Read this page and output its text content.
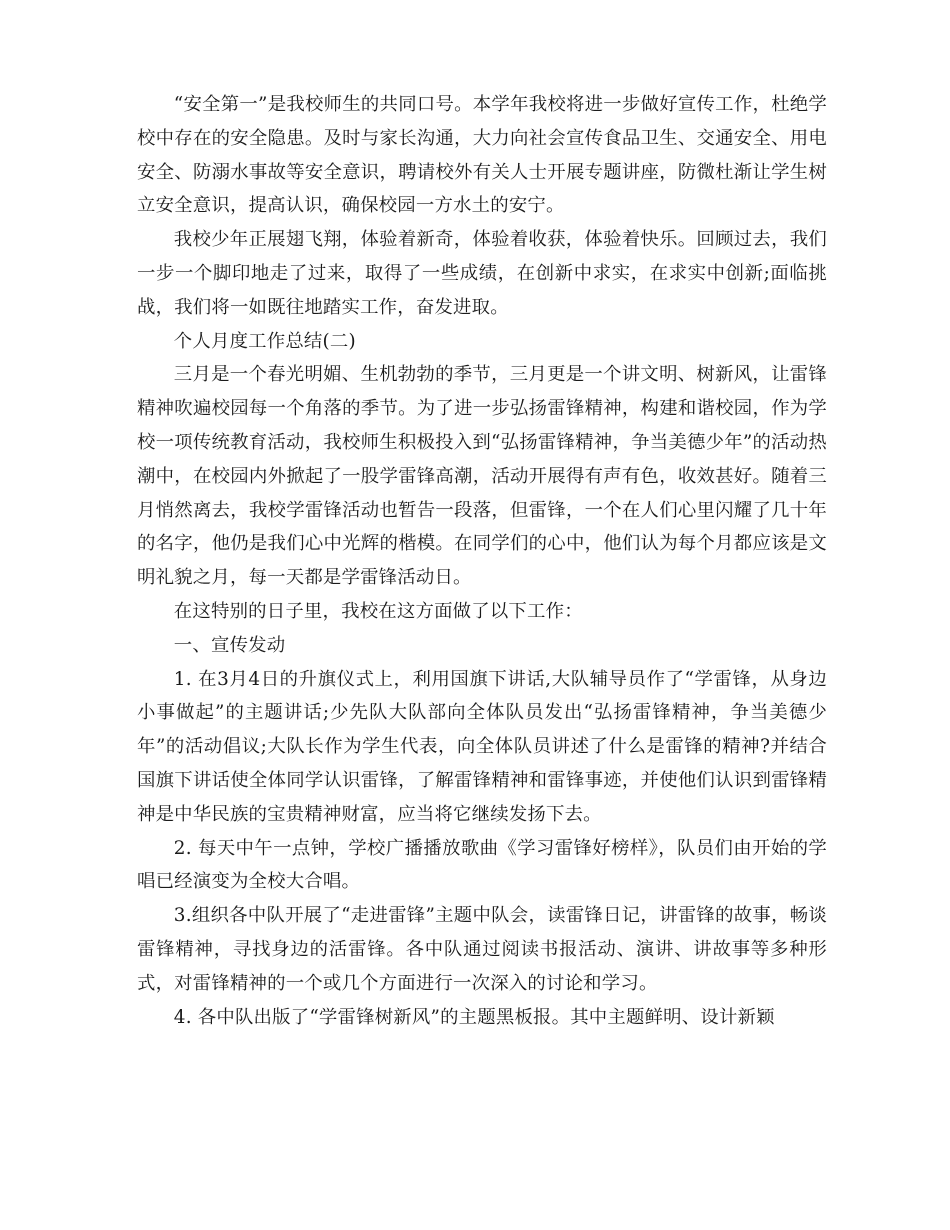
“安全第一”是我校师生的共同口号。本学年我校将进一步做好宣传工作，杜绝学校中存在的安全隐患。及时与家长沟通，大力向社会宣传食品卫生、交通安全、用电安全、防溺水事故等安全意识，聘请校外有关人士开展专题讲座，防微杜渐让学生树立安全意识，提高认识，确保校园一方水土的安宁。

我校少年正展翅飞翔，体验着新奇，体验着收获，体验着快乐。回顾过去，我们一步一个脚印地走了过来，取得了一些成绩，在创新中求实，在求实中创新;面临挑战，我们将一如既往地踏实工作，奋发进取。

个人月度工作总结(二)

三月是一个春光明媚、生机勃勃的季节，三月更是一个讲文明、树新风，让雷锋精神吹遍校园每一个角落的季节。为了进一步弘扬雷锋精神，构建和谐校园，作为学校一项传统教育活动，我校师生积极投入到“弘扬雷锋精神，争当美德少年”的活动热潮中，在校园内外掀起了一股学雷锋高潮，活动开展得有声有色，收效甚好。随着三月悄然离去，我校学雷锋活动也暂告一段落，但雷锋，一个在人们心里闪耀了几十年的名字，他仍是我们心中光辉的楷模。在同学们的心中，他们认为每个月都应该是文明礼貌之月，每一天都是学雷锋活动日。

在这特别的日子里，我校在这方面做了以下工作：

一、宣传发动

1. 在3月4日的升旗仪式上，利用国旗下讲话,大队辅导员作了“学雷锋，从身边小事做起”的主题讲话;少先队大队部向全体队员发出“弘扬雷锋精神，争当美德少年”的活动倡议;大队长作为学生代表，向全体队员讲述了什么是雷锋的精神?并结合国旗下讲话使全体同学认识雷锋，了解雷锋精神和雷锋事迹，并使他们认识到雷锋精神是中华民族的宝贵精神财富，应当将它继续发扬下去。

2. 每天中午一点钟，学校广播播放歌曲《学习雷锋好榜样》，队员们由开始的学唱已经演变为全校大合唱。

3.组织各中队开展了“走进雷锋”主题中队会，读雷锋日记，讲雷锋的故事，畅谈雷锋精神，寻找身边的活雷锋。各中队通过阅读书报活动、演讲、讲故事等多种形式，对雷锋精神的一个或几个方面进行一次深入的讨论和学习。

4. 各中队出版了“学雷锋树新风”的主题黑板报。其中主题鲜明、设计新颖
